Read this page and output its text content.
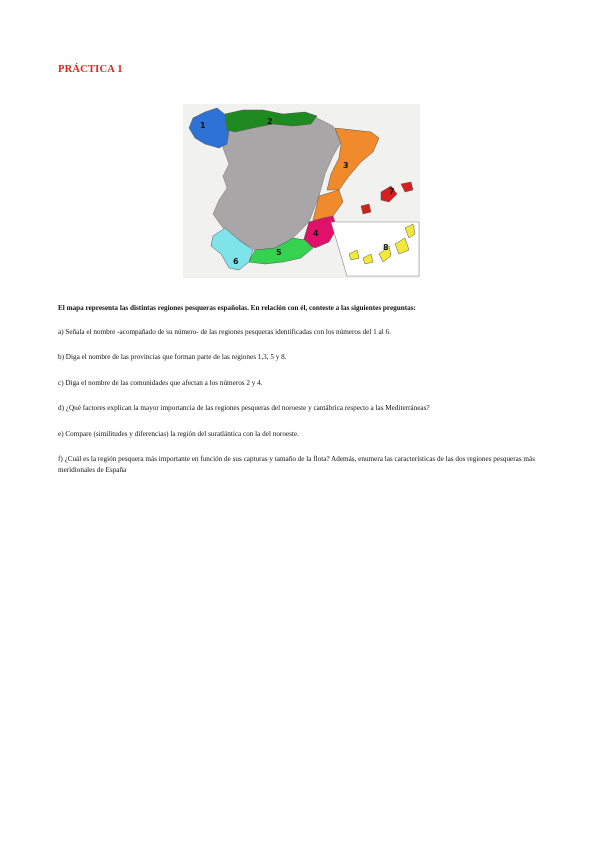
PRÁCTICA 1
1	2
3
4
5
6
7
8
El mapa representa las distintas regiones pesqueras españolas. En relación con él, conteste a las siguientes preguntas:
a) Señala el nombre -acompañado de su número- de las regiones pesqueras identificadas con los números del 1 al 6.
b) Diga el nombre de las provincias que forman parte de las regiones 1,3, 5 y 8.
c) Diga el nombre de las comunidades que afectan a los números 2 y 4.
d) ¿Qué factores explican la mayor importancia de las regiones pesqueras del noroeste y cantábrica respecto a las Mediterráneas?
e) Compare (similitudes y diferencias) la región del suratlántica con la del noroeste.
f) ¿Cuál es la región pesquera más importante en función de sus capturas y tamaño de la flota? Además, enumera las características de las dos regiones pesqueras más meridionales de España
